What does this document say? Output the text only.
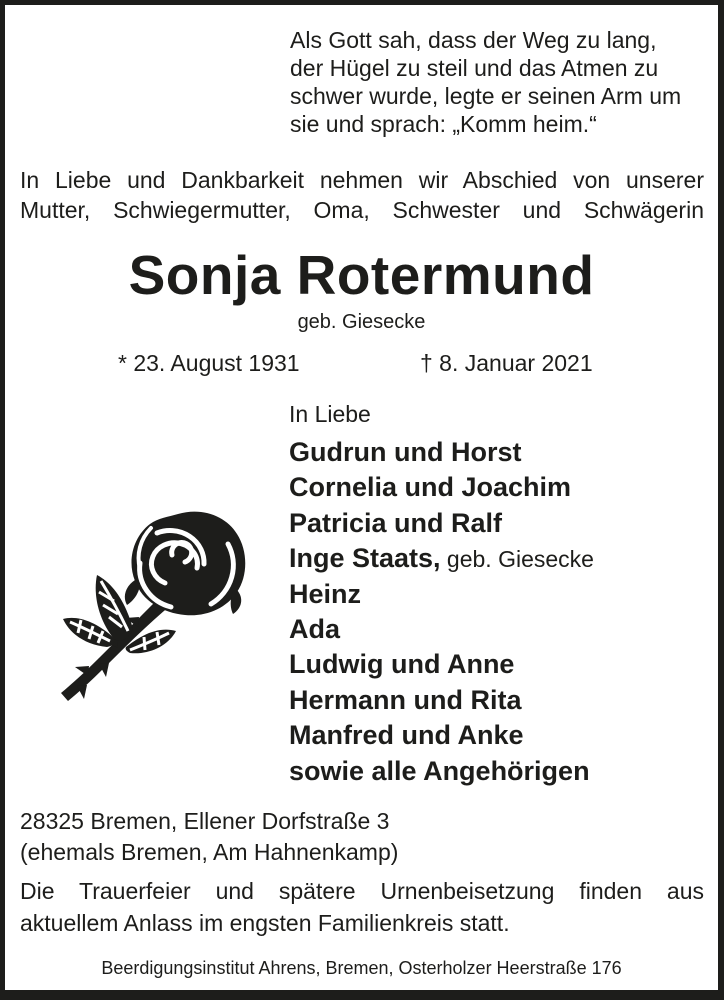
Als Gott sah, dass der Weg zu lang,
der Hügel zu steil und das Atmen zu
schwer wurde, legte er seinen Arm um
sie und sprach: „Komm heim.“
In Liebe und Dankbarkeit nehmen wir Abschied von unserer
Mutter, Schwiegermutter, Oma, Schwester und Schwägerin
Sonja Rotermund
geb. Giesecke
* 23. August 1931	† 8. Januar 2021
In Liebe
Gudrun und Horst
Cornelia und Joachim
Patricia und Ralf
Inge Staats, geb. Giesecke
Heinz
Ada
Ludwig und Anne
Hermann und Rita
Manfred und Anke
sowie alle Angehörigen
28325 Bremen, Ellener Dorfstraße 3
(ehemals Bremen, Am Hahnenkamp)
Die Trauerfeier und spätere Urnenbeisetzung finden aus
aktuellem Anlass im engsten Familienkreis statt.
Beerdigungsinstitut Ahrens, Bremen, Osterholzer Heerstraße 176
